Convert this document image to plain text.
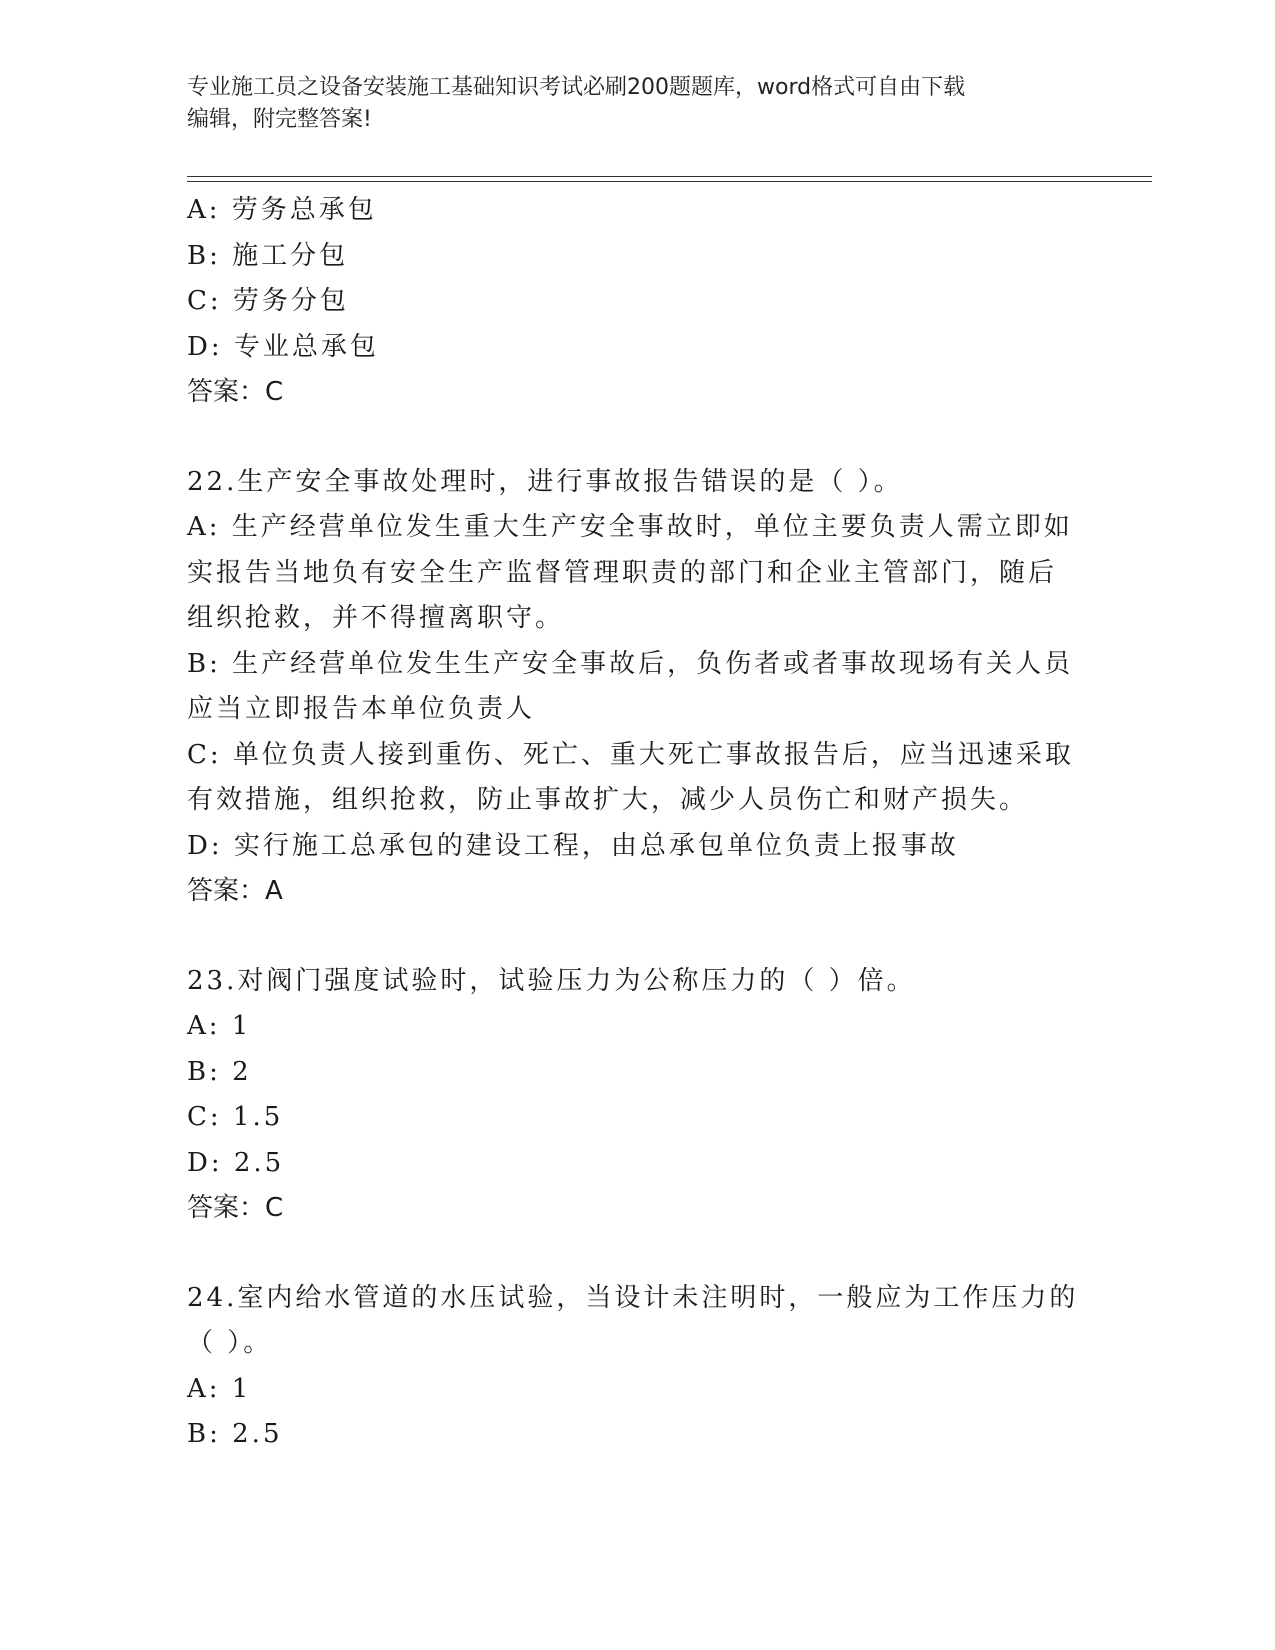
专业施工员之设备安装施工基础知识考试必刷200题题库，word格式可自由下载
编辑，附完整答案!
A: 劳务总承包
B: 施工分包
C: 劳务分包
D: 专业总承包
答案：C
22.生产安全事故处理时，进行事故报告错误的是（ ）。
A: 生产经营单位发生重大生产安全事故时，单位主要负责人需立即如
实报告当地负有安全生产监督管理职责的部门和企业主管部门，随后
组织抢救，并不得擅离职守。
B: 生产经营单位发生生产安全事故后，负伤者或者事故现场有关人员
应当立即报告本单位负责人
C: 单位负责人接到重伤、死亡、重大死亡事故报告后，应当迅速采取
有效措施，组织抢救，防止事故扩大，减少人员伤亡和财产损失。
D: 实行施工总承包的建设工程，由总承包单位负责上报事故
答案：A
23.对阀门强度试验时，试验压力为公称压力的（ ）倍。
A: 1
B: 2
C: 1.5
D: 2.5
答案：C
24.室内给水管道的水压试验，当设计未注明时，一般应为工作压力的
（ ）。
A: 1
B: 2.5
